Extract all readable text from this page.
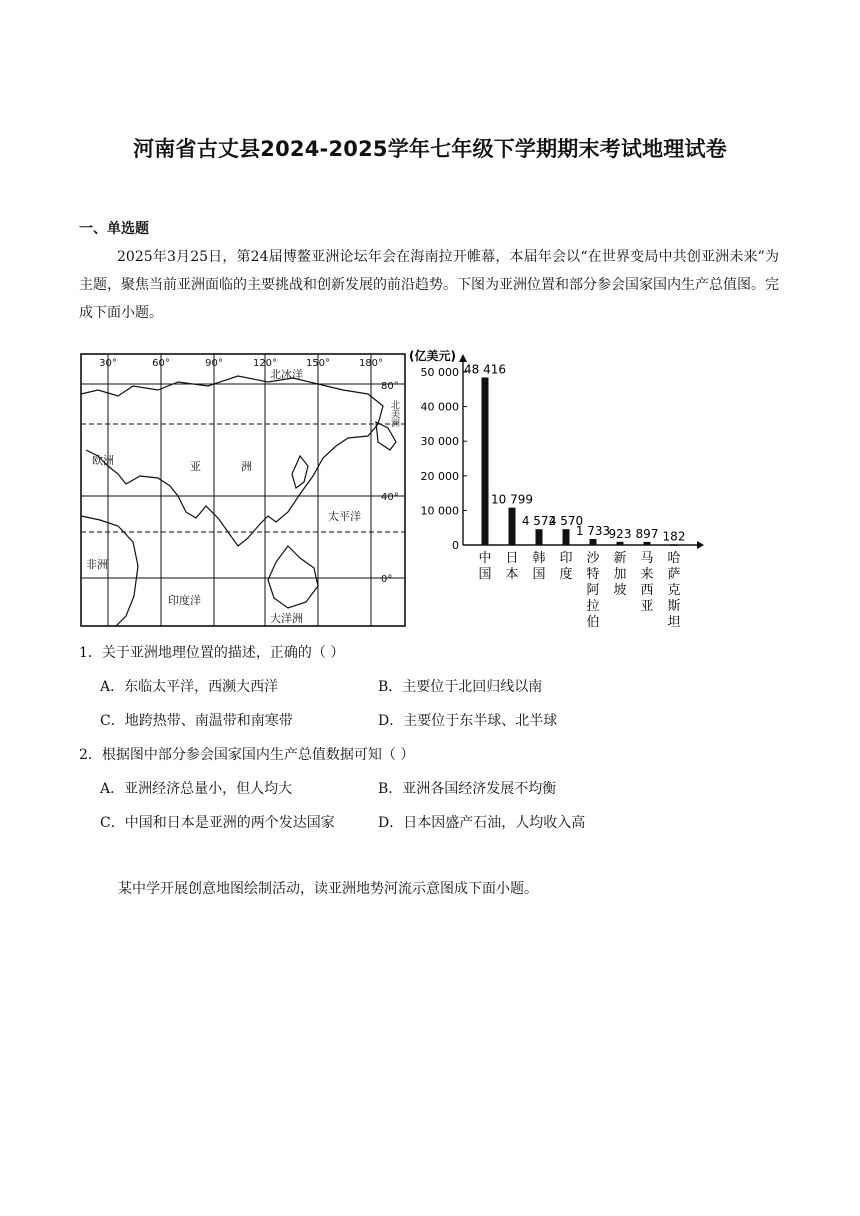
河南省古丈县2024-2025学年七年级下学期期末考试地理试卷
一、单选题
2025年3月25日，第24届博鳌亚洲论坛年会在海南拉开帷幕，本届年会以“在世界变局中共创亚洲未来”为主题，聚焦当前亚洲面临的主要挑战和创新发展的前沿趋势。下图为亚洲位置和部分参会国家国内生产总值图。完成下面小题。
30°	60°	90°	120°	150°	180°
80°
40°
0°
北冰洋
欧洲	亚	洲
太平洋
非洲
印度洋
大洋洲
北美洲
(亿美元)
50 000
40 000
30 000
20 000
10 000
0
48 416
10 799
4 572
4 570
1 733
923 897 182
中
国
日
本
韩
国
印
度
沙
特
阿
拉
伯
新
加
坡
马
来
西
亚
哈
萨
克
斯
坦
1．关于亚洲地理位置的描述，正确的（ ）
A．东临太平洋，西濒大西洋	B．主要位于北回归线以南
C．地跨热带、南温带和南寒带	D．主要位于东半球、北半球
2．根据图中部分参会国家国内生产总值数据可知（ ）
A．亚洲经济总量小，但人均大	B．亚洲各国经济发展不均衡
C．中国和日本是亚洲的两个发达国家	D．日本因盛产石油，人均收入高
某中学开展创意地图绘制活动，读亚洲地势河流示意图成下面小题。
